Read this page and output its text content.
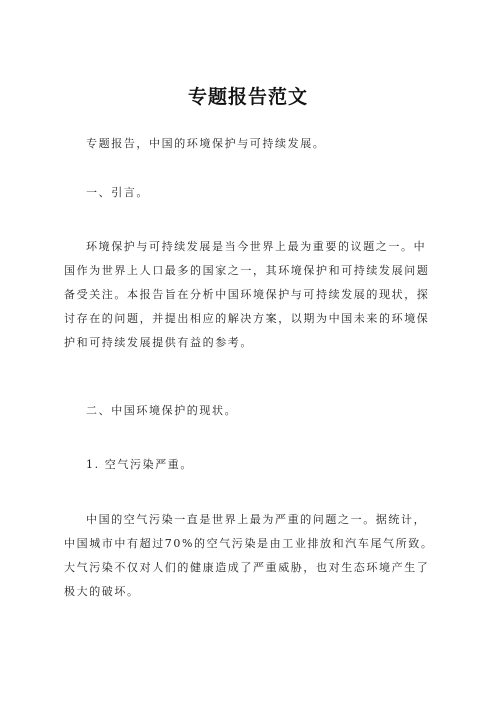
专题报告范文

专题报告，中国的环境保护与可持续发展。

一、引言。

环境保护与可持续发展是当今世界上最为重要的议题之一。中国作为世界上人口最多的国家之一，其环境保护和可持续发展问题备受关注。本报告旨在分析中国环境保护与可持续发展的现状，探讨存在的问题，并提出相应的解决方案，以期为中国未来的环境保护和可持续发展提供有益的参考。

二、中国环境保护的现状。

1. 空气污染严重。

中国的空气污染一直是世界上最为严重的问题之一。据统计，中国城市中有超过70%的空气污染是由工业排放和汽车尾气所致。大气污染不仅对人们的健康造成了严重威胁，也对生态环境产生了极大的破坏。
